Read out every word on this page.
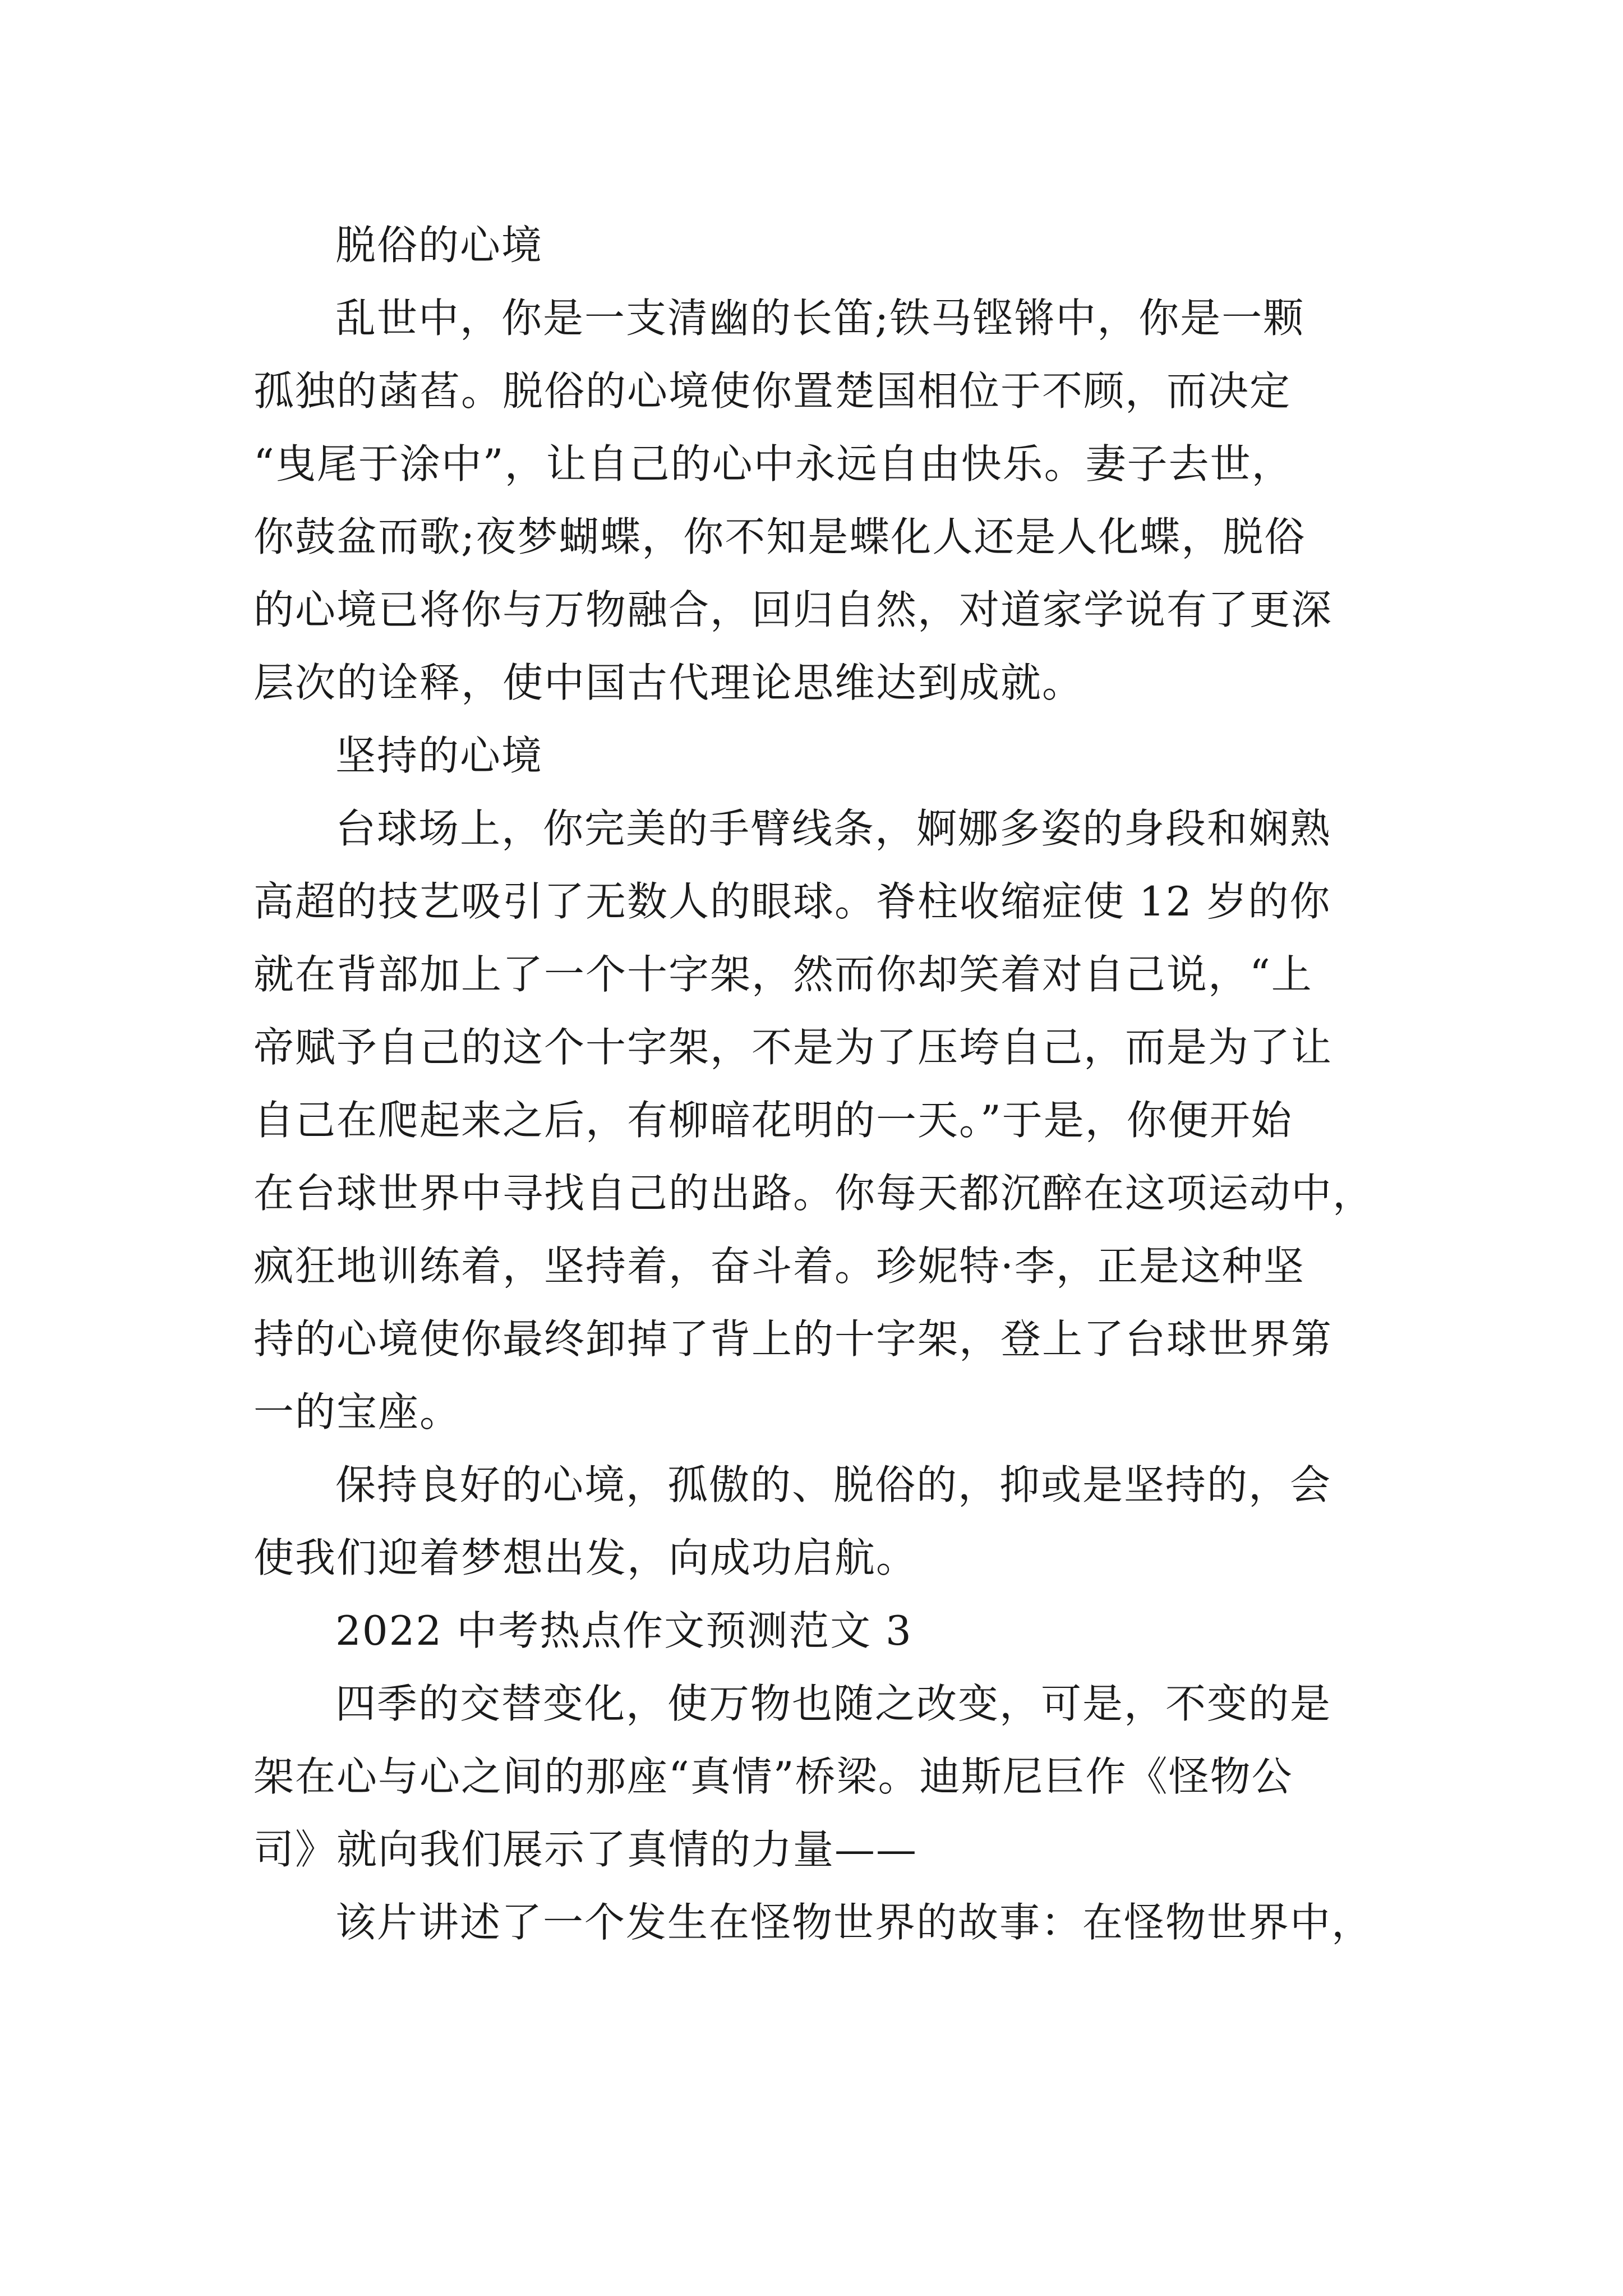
脱俗的心境
乱世中，你是一支清幽的长笛;铁马铿锵中，你是一颗
孤独的菡萏。脱俗的心境使你置楚国相位于不顾，而决定
“曳尾于涂中”，让自己的心中永远自由快乐。妻子去世，
你鼓盆而歌;夜梦蝴蝶，你不知是蝶化人还是人化蝶，脱俗
的心境已将你与万物融合，回归自然，对道家学说有了更深
层次的诠释，使中国古代理论思维达到成就。
坚持的心境
台球场上，你完美的手臂线条，婀娜多姿的身段和娴熟
高超的技艺吸引了无数人的眼球。脊柱收缩症使 12 岁的你
就在背部加上了一个十字架，然而你却笑着对自己说，“上
帝赋予自己的这个十字架，不是为了压垮自己，而是为了让
自己在爬起来之后，有柳暗花明的一天。”于是，你便开始
在台球世界中寻找自己的出路。你每天都沉醉在这项运动中，
疯狂地训练着，坚持着，奋斗着。珍妮特·李，正是这种坚
持的心境使你最终卸掉了背上的十字架，登上了台球世界第
一的宝座。
保持良好的心境，孤傲的、脱俗的，抑或是坚持的，会
使我们迎着梦想出发，向成功启航。
2022 中考热点作文预测范文 3
四季的交替变化，使万物也随之改变，可是，不变的是
架在心与心之间的那座“真情”桥梁。迪斯尼巨作《怪物公
司》就向我们展示了真情的力量——
该片讲述了一个发生在怪物世界的故事：在怪物世界中，
